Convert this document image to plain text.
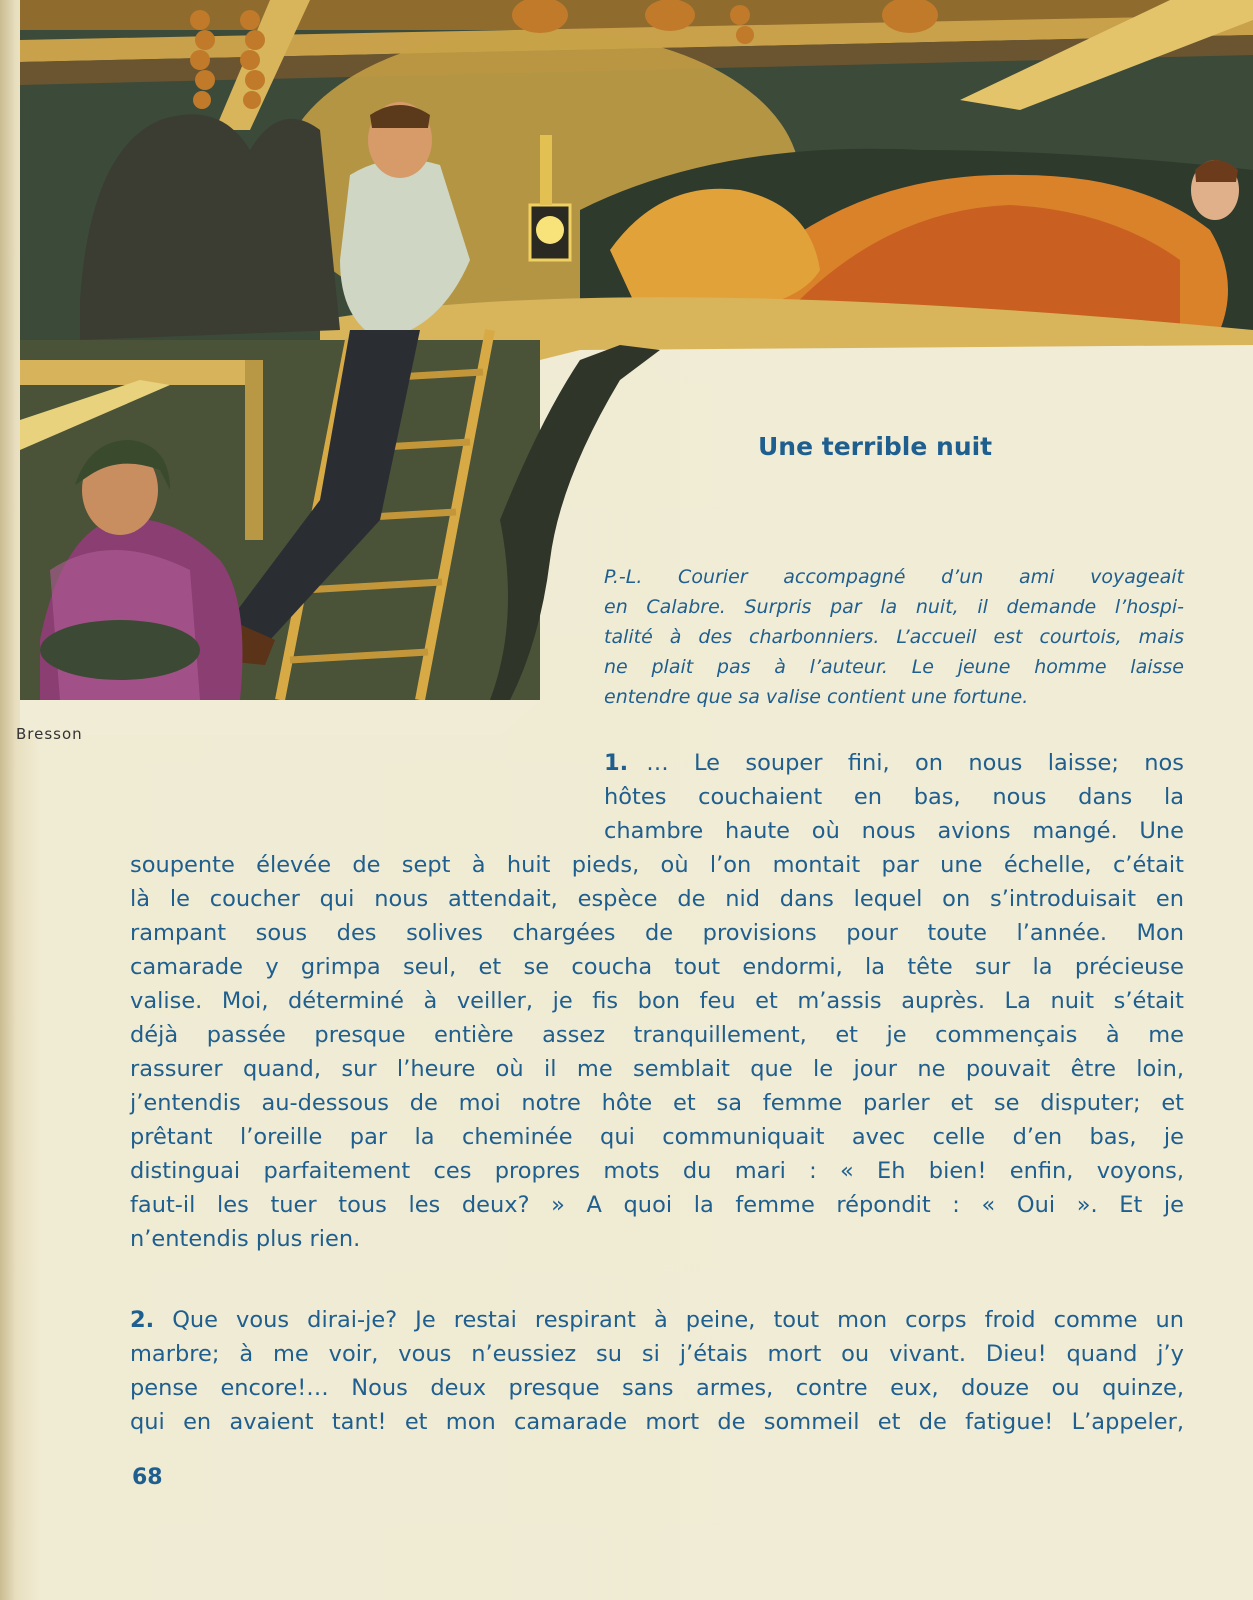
Bresson
Une terrible nuit
P.-L. Courier accompagné d’un ami voyageait
en Calabre. Surpris par la nuit, il demande l’hospi-
talité à des charbonniers. L’accueil est courtois, mais
ne plait pas à l’auteur. Le jeune homme laisse
entendre que sa valise contient une fortune.
1. … Le souper fini, on nous laisse; nos
hôtes couchaient en bas, nous dans la
chambre haute où nous avions mangé. Une
soupente élevée de sept à huit pieds, où l’on montait par une échelle, c’était
là le coucher qui nous attendait, espèce de nid dans lequel on s’introduisait en
rampant sous des solives chargées de provisions pour toute l’année. Mon
camarade y grimpa seul, et se coucha tout endormi, la tête sur la précieuse
valise. Moi, déterminé à veiller, je fis bon feu et m’assis auprès. La nuit s’était
déjà passée presque entière assez tranquillement, et je commençais à me
rassurer quand, sur l’heure où il me semblait que le jour ne pouvait être loin,
j’entendis au-dessous de moi notre hôte et sa femme parler et se disputer; et
prêtant l’oreille par la cheminée qui communiquait avec celle d’en bas, je
distinguai parfaitement ces propres mots du mari : « Eh bien! enfin, voyons,
faut-il les tuer tous les deux? » A quoi la femme répondit : « Oui ». Et je
n’entendis plus rien.
2. Que vous dirai-je? Je restai respirant à peine, tout mon corps froid comme un
marbre; à me voir, vous n’eussiez su si j’étais mort ou vivant. Dieu! quand j’y
pense encore!… Nous deux presque sans armes, contre eux, douze ou quinze,
qui en avaient tant! et mon camarade mort de sommeil et de fatigue! L’appeler,
68
